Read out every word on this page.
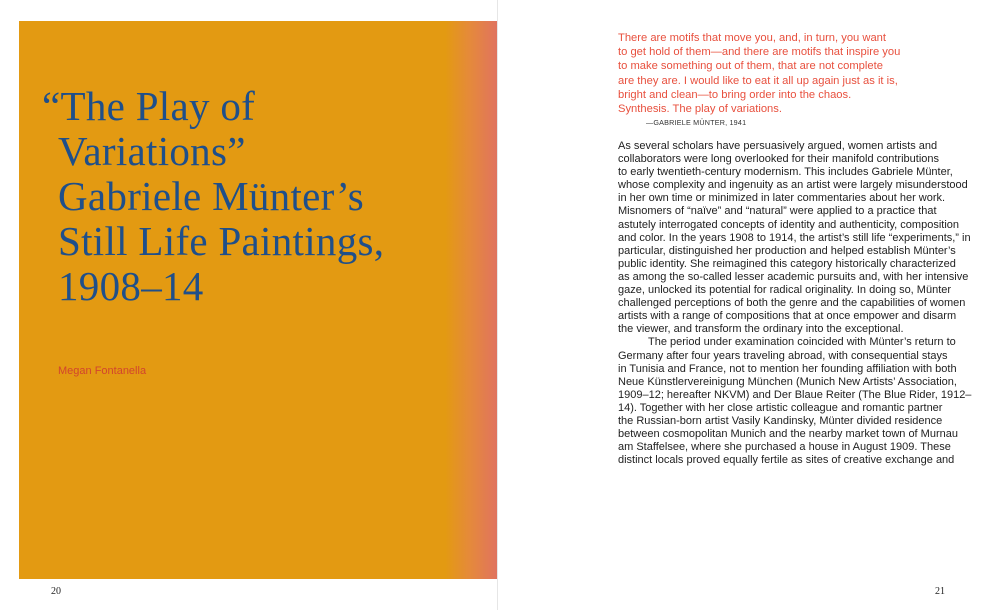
“The Play of
Variations”
Gabriele Münter’s
Still Life Paintings,
1908–14
Megan Fontanella
20
There are motifs that move you, and, in turn, you want
to get hold of them—and there are motifs that inspire you
to make something out of them, that are not complete
are they are. I would like to eat it all up again just as it is,
bright and clean—to bring order into the chaos.
Synthesis. The play of variations.
—GABRIELE MÜNTER, 1941
As several scholars have persuasively argued, women artists and
collaborators were long overlooked for their manifold contributions
to early twentieth-century modernism. This includes Gabriele Münter,
whose complexity and ingenuity as an artist were largely misunderstood
in her own time or minimized in later commentaries about her work.
Misnomers of “naïve” and “natural” were applied to a practice that
astutely interrogated concepts of identity and authenticity, composition
and color. In the years 1908 to 1914, the artist’s still life “experiments,” in
particular, distinguished her production and helped establish Münter’s
public identity. She reimagined this category historically characterized
as among the so-called lesser academic pursuits and, with her intensive
gaze, unlocked its potential for radical originality. In doing so, Münter
challenged perceptions of both the genre and the capabilities of women
artists with a range of compositions that at once empower and disarm
the viewer, and transform the ordinary into the exceptional.
The period under examination coincided with Münter’s return to
Germany after four years traveling abroad, with consequential stays
in Tunisia and France, not to mention her founding affiliation with both
Neue Künstlervereinigung München (Munich New Artists’ Association,
1909–12; hereafter NKVM) and Der Blaue Reiter (The Blue Rider, 1912–
14). Together with her close artistic colleague and romantic partner
the Russian-born artist Vasily Kandinsky, Münter divided residence
between cosmopolitan Munich and the nearby market town of Murnau
am Staffelsee, where she purchased a house in August 1909. These
distinct locals proved equally fertile as sites of creative exchange and
21
